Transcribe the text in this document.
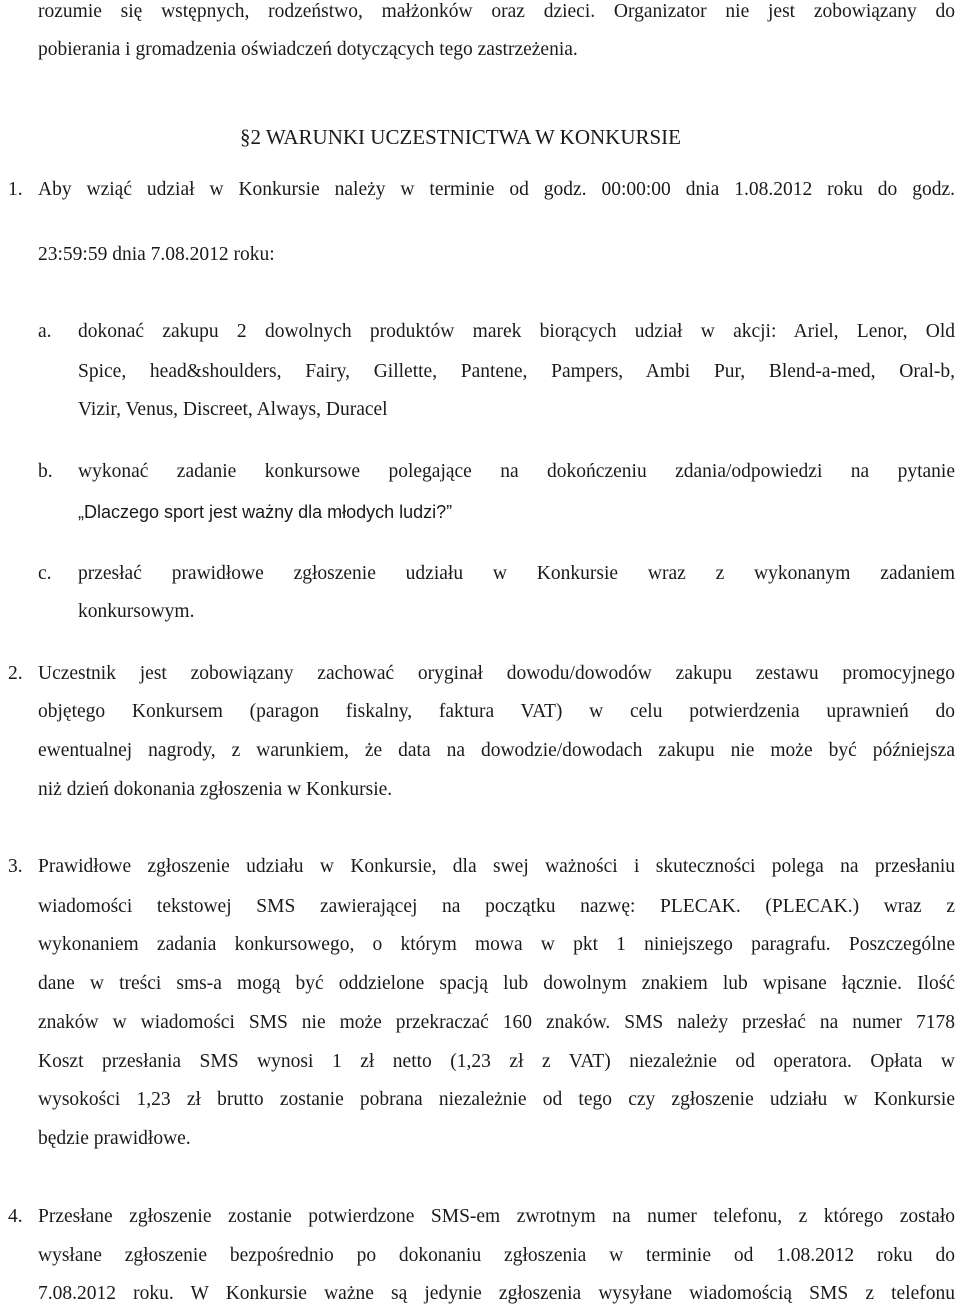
rozumie się wstępnych, rodzeństwo, małżonków oraz dzieci. Organizator nie jest zobowiązany do
pobierania i gromadzenia oświadczeń dotyczących tego zastrzeżenia.
§2 WARUNKI UCZESTNICTWA W KONKURSIE
1. Aby wziąć udział w Konkursie należy w terminie od godz. 00:00:00 dnia 1.08.2012 roku do godz.
23:59:59 dnia 7.08.2012 roku:
a. dokonać zakupu 2 dowolnych produktów marek biorących udział w akcji: Ariel, Lenor, Old
Spice, head&shoulders, Fairy, Gillette, Pantene, Pampers, Ambi Pur, Blend-a-med, Oral-b,
Vizir, Venus, Discreet, Always, Duracel
b. wykonać zadanie konkursowe polegające na dokończeniu zdania/odpowiedzi na pytanie
„Dlaczego sport jest ważny dla młodych ludzi?”
c. przesłać prawidłowe zgłoszenie udziału w Konkursie wraz z wykonanym zadaniem
konkursowym.
2. Uczestnik jest zobowiązany zachować oryginał dowodu/dowodów zakupu zestawu promocyjnego
objętego Konkursem (paragon fiskalny, faktura VAT) w celu potwierdzenia uprawnień do
ewentualnej nagrody, z warunkiem, że data na dowodzie/dowodach zakupu nie może być późniejsza
niż dzień dokonania zgłoszenia w Konkursie.
3. Prawidłowe zgłoszenie udziału w Konkursie, dla swej ważności i skuteczności polega na przesłaniu
wiadomości tekstowej SMS zawierającej na początku nazwę: PLECAK. (PLECAK.) wraz z
wykonaniem zadania konkursowego, o którym mowa w pkt 1 niniejszego paragrafu. Poszczególne
dane w treści sms-a mogą być oddzielone spacją lub dowolnym znakiem lub wpisane łącznie. Ilość
znaków w wiadomości SMS nie może przekraczać 160 znaków. SMS należy przesłać na numer 7178
Koszt przesłania SMS wynosi 1 zł netto (1,23 zł z VAT) niezależnie od operatora. Opłata w
wysokości 1,23 zł brutto zostanie pobrana niezależnie od tego czy zgłoszenie udziału w Konkursie
będzie prawidłowe.
4. Przesłane zgłoszenie zostanie potwierdzone SMS-em zwrotnym na numer telefonu, z którego zostało
wysłane zgłoszenie bezpośrednio po dokonaniu zgłoszenia w terminie od 1.08.2012 roku do
7.08.2012 roku. W Konkursie ważne są jedynie zgłoszenia wysyłane wiadomością SMS z telefonu
